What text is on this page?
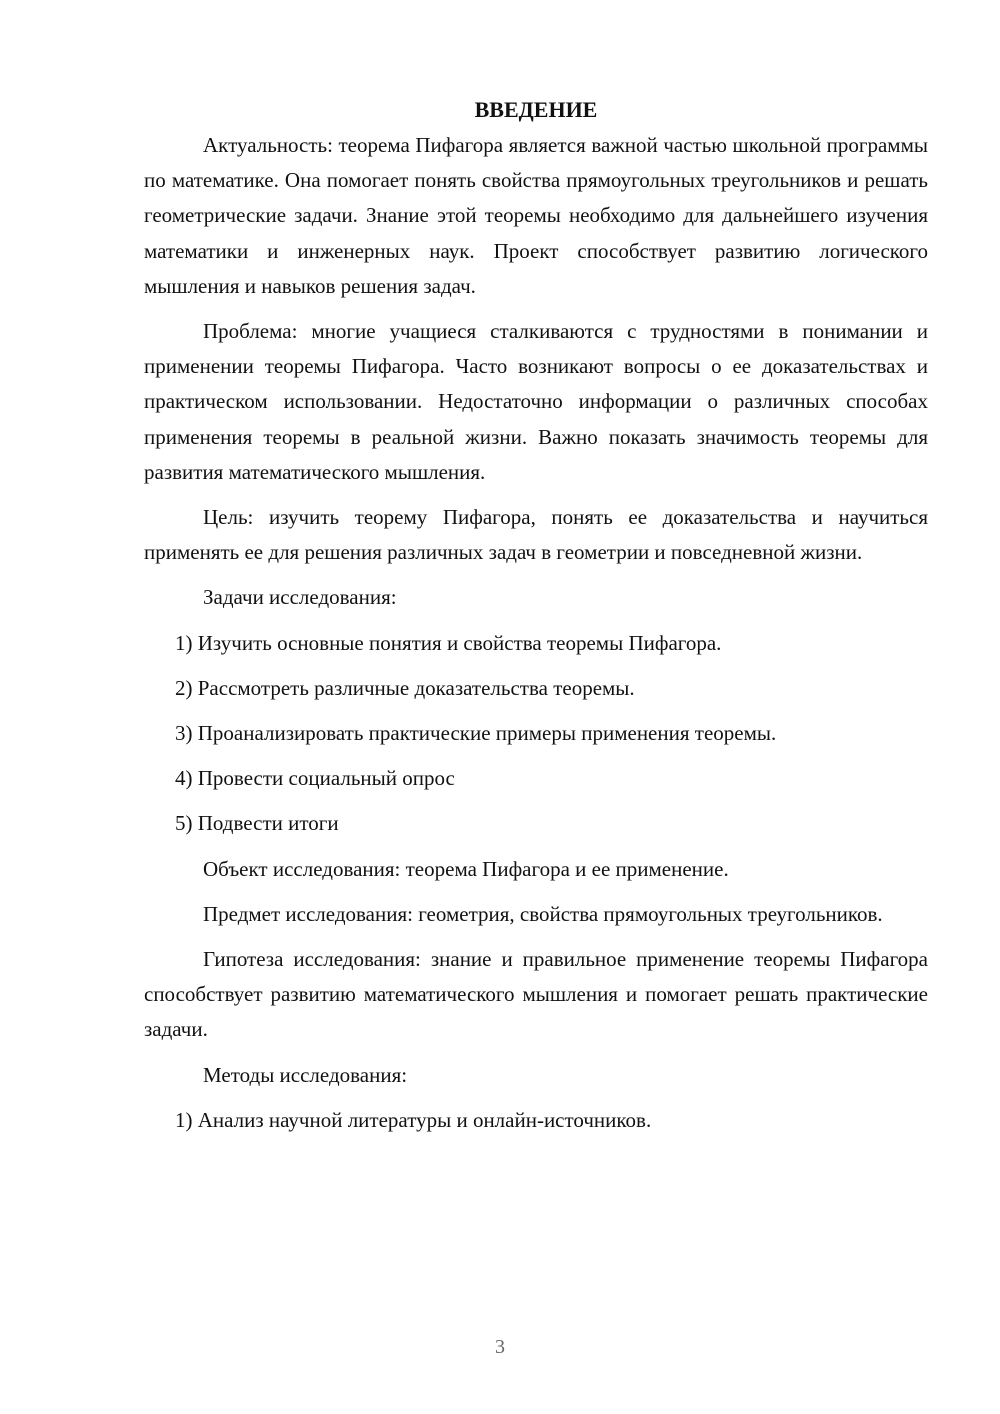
ВВЕДЕНИЕ

Актуальность: теорема Пифагора является важной частью школьной программы по математике. Она помогает понять свойства прямоугольных треугольников и решать геометрические задачи. Знание этой теоремы необходимо для дальнейшего изучения математики и инженерных наук. Проект способствует развитию логического мышления и навыков решения задач.

Проблема: многие учащиеся сталкиваются с трудностями в понимании и применении теоремы Пифагора. Часто возникают вопросы о ее доказательствах и практическом использовании. Недостаточно информации о различных способах применения теоремы в реальной жизни. Важно показать значимость теоремы для развития математического мышления.

Цель: изучить теорему Пифагора, понять ее доказательства и научиться применять ее для решения различных задач в геометрии и повседневной жизни.

Задачи исследования:

1) Изучить основные понятия и свойства теоремы Пифагора.

2) Рассмотреть различные доказательства теоремы.

3) Проанализировать практические примеры применения теоремы.

4) Провести социальный опрос

5) Подвести итоги

Объект исследования: теорема Пифагора и ее применение.

Предмет исследования: геометрия, свойства прямоугольных треугольников.

Гипотеза исследования: знание и правильное применение теоремы Пифагора способствует развитию математического мышления и помогает решать практические задачи.

Методы исследования:

1) Анализ научной литературы и онлайн-источников.

3
